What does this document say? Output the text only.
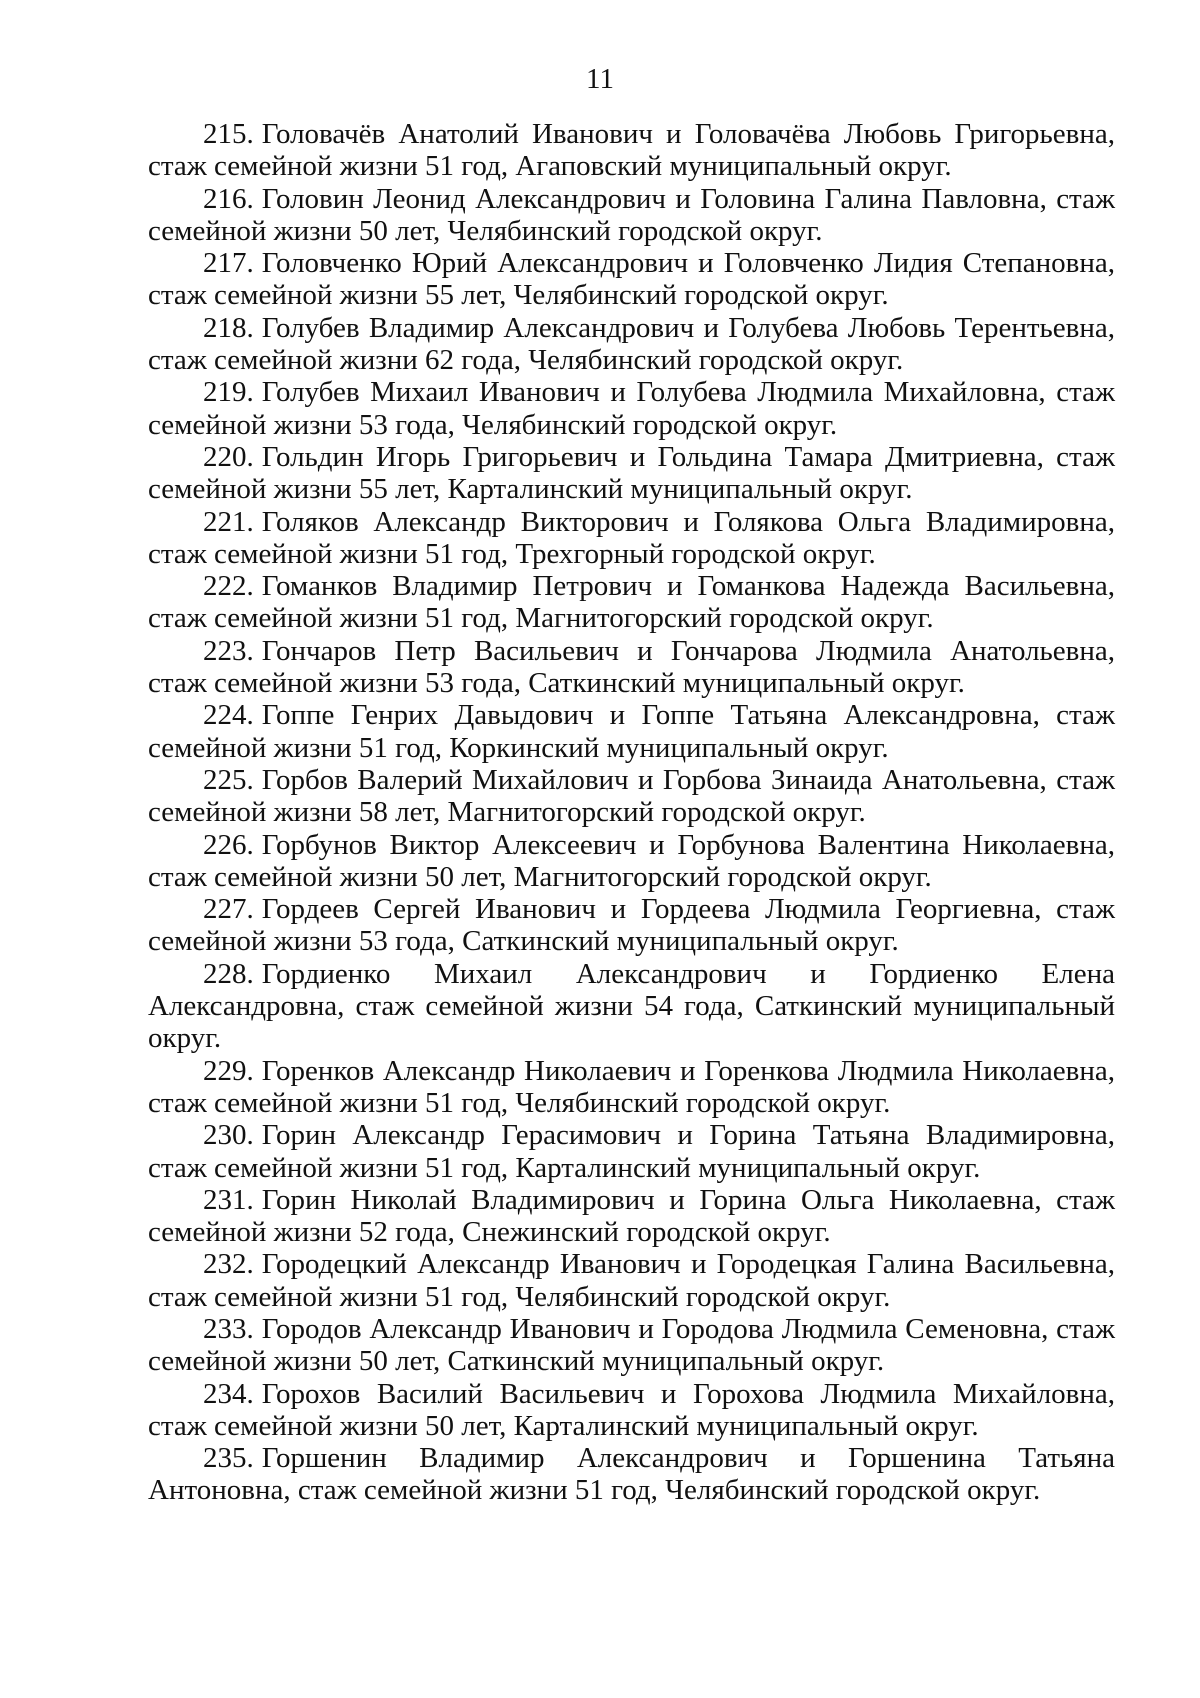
11

215. Головачёв Анатолий Иванович и Головачёва Любовь Григорьевна, стаж семейной жизни 51 год, Агаповский муниципальный округ.

216. Головин Леонид Александрович и Головина Галина Павловна, стаж семейной жизни 50 лет, Челябинский городской округ.

217. Головченко Юрий Александрович и Головченко Лидия Степановна, стаж семейной жизни 55 лет, Челябинский городской округ.

218. Голубев Владимир Александрович и Голубева Любовь Терентьевна, стаж семейной жизни 62 года, Челябинский городской округ.

219. Голубев Михаил Иванович и Голубева Людмила Михайловна, стаж семейной жизни 53 года, Челябинский городской округ.

220. Гольдин Игорь Григорьевич и Гольдина Тамара Дмитриевна, стаж семейной жизни 55 лет, Карталинский муниципальный округ.

221. Голяков Александр Викторович и Голякова Ольга Владимировна, стаж семейной жизни 51 год, Трехгорный городской округ.

222. Гоманков Владимир Петрович и Гоманкова Надежда Васильевна, стаж семейной жизни 51 год, Магнитогорский городской округ.

223. Гончаров Петр Васильевич и Гончарова Людмила Анатольевна, стаж семейной жизни 53 года, Саткинский муниципальный округ.

224. Гоппе Генрих Давыдович и Гоппе Татьяна Александровна, стаж семейной жизни 51 год, Коркинский муниципальный округ.

225. Горбов Валерий Михайлович и Горбова Зинаида Анатольевна, стаж семейной жизни 58 лет, Магнитогорский городской округ.

226. Горбунов Виктор Алексеевич и Горбунова Валентина Николаевна, стаж семейной жизни 50 лет, Магнитогорский городской округ.

227. Гордеев Сергей Иванович и Гордеева Людмила Георгиевна, стаж семейной жизни 53 года, Саткинский муниципальный округ.

228. Гордиенко Михаил Александрович и Гордиенко Елена Александровна, стаж семейной жизни 54 года, Саткинский муниципальный округ.

229. Горенков Александр Николаевич и Горенкова Людмила Николаевна, стаж семейной жизни 51 год, Челябинский городской округ.

230. Горин Александр Герасимович и Горина Татьяна Владимировна, стаж семейной жизни 51 год, Карталинский муниципальный округ.

231. Горин Николай Владимирович и Горина Ольга Николаевна, стаж семейной жизни 52 года, Снежинский городской округ.

232. Городецкий Александр Иванович и Городецкая Галина Васильевна, стаж семейной жизни 51 год, Челябинский городской округ.

233. Городов Александр Иванович и Городова Людмила Семеновна, стаж семейной жизни 50 лет, Саткинский муниципальный округ.

234. Горохов Василий Васильевич и Горохова Людмила Михайловна, стаж семейной жизни 50 лет, Карталинский муниципальный округ.

235. Горшенин Владимир Александрович и Горшенина Татьяна Антоновна, стаж семейной жизни 51 год, Челябинский городской округ.
